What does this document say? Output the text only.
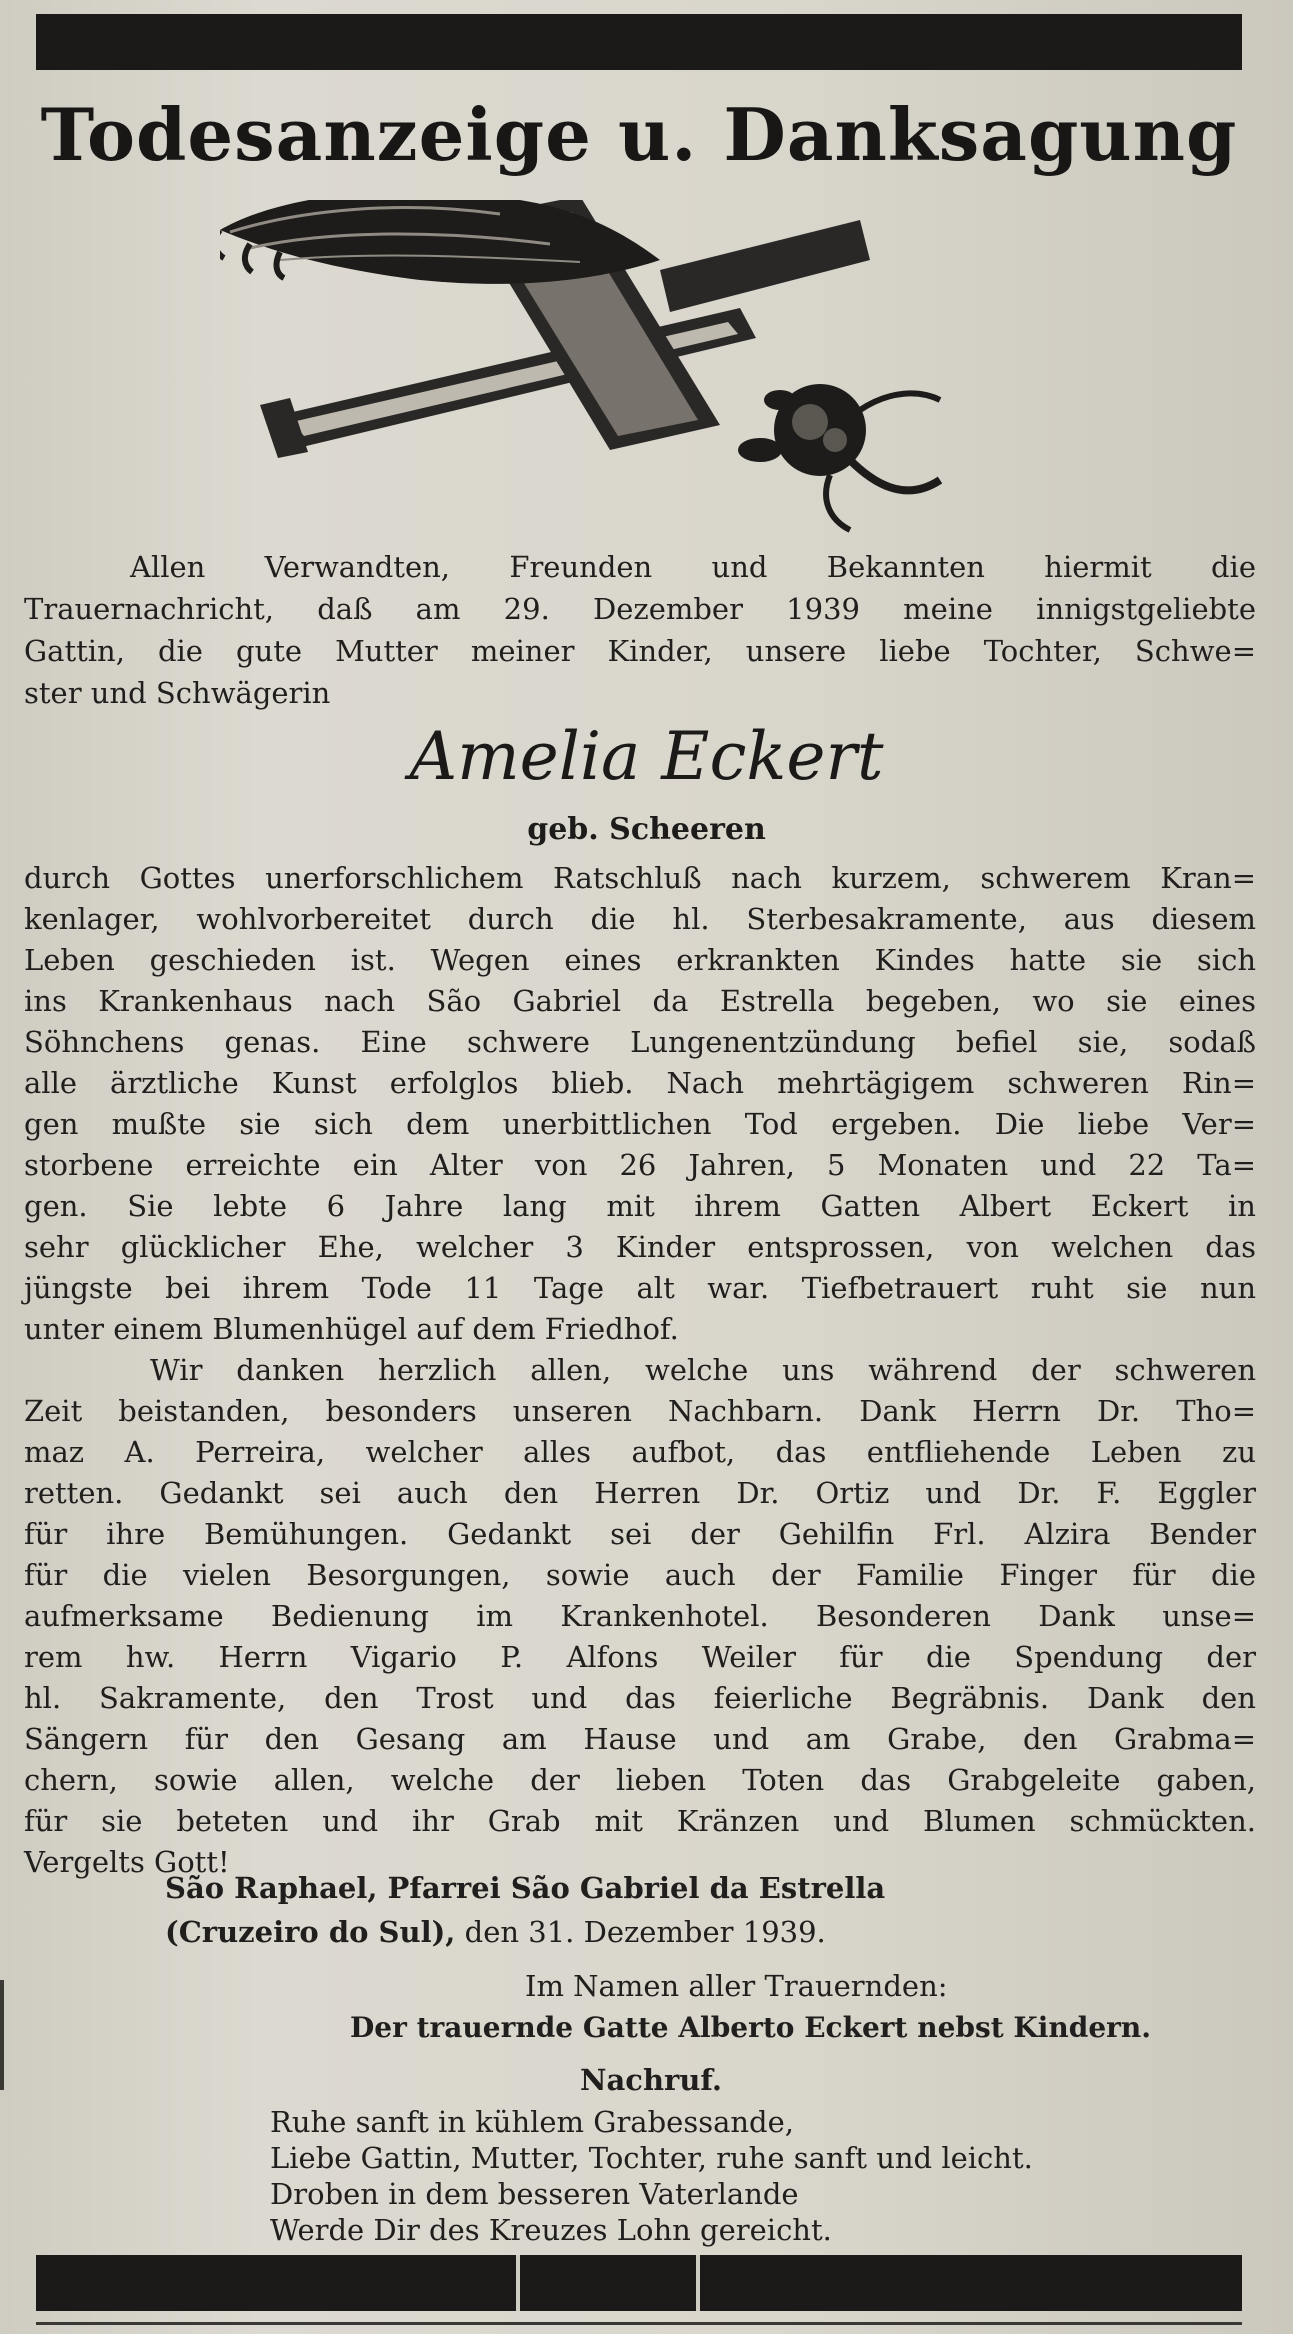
Todesanzeige u. Danksagung
Allen Verwandten, Freunden und Bekannten hiermit die
Trauernachricht, daß am 29. Dezember 1939 meine innigstgeliebte
Gattin, die gute Mutter meiner Kinder, unsere liebe Tochter, Schwe=
ster und Schwägerin
Amelia Eckert
geb. Scheeren
durch Gottes unerforschlichem Ratschluß nach kurzem, schwerem Kran=
kenlager, wohlvorbereitet durch die hl. Sterbesakramente, aus diesem
Leben geschieden ist. Wegen eines erkrankten Kindes hatte sie sich
ins Krankenhaus nach São Gabriel da Estrella begeben, wo sie eines
Söhnchens genas. Eine schwere Lungenentzündung befiel sie, sodaß
alle ärztliche Kunst erfolglos blieb. Nach mehrtägigem schweren Rin=
gen mußte sie sich dem unerbittlichen Tod ergeben. Die liebe Ver=
storbene erreichte ein Alter von 26 Jahren, 5 Monaten und 22 Ta=
gen. Sie lebte 6 Jahre lang mit ihrem Gatten Albert Eckert in
sehr glücklicher Ehe, welcher 3 Kinder entsprossen, von welchen das
jüngste bei ihrem Tode 11 Tage alt war. Tiefbetrauert ruht sie nun
unter einem Blumenhügel auf dem Friedhof.
Wir danken herzlich allen, welche uns während der schweren
Zeit beistanden, besonders unseren Nachbarn. Dank Herrn Dr. Tho=
maz A. Perreira, welcher alles aufbot, das entfliehende Leben zu
retten. Gedankt sei auch den Herren Dr. Ortiz und Dr. F. Eggler
für ihre Bemühungen. Gedankt sei der Gehilfin Frl. Alzira Bender
für die vielen Besorgungen, sowie auch der Familie Finger für die
aufmerksame Bedienung im Krankenhotel. Besonderen Dank unse=
rem hw. Herrn Vigario P. Alfons Weiler für die Spendung der
hl. Sakramente, den Trost und das feierliche Begräbnis. Dank den
Sängern für den Gesang am Hause und am Grabe, den Grabma=
chern, sowie allen, welche der lieben Toten das Grabgeleite gaben,
für sie beteten und ihr Grab mit Kränzen und Blumen schmückten.
Vergelts Gott!
São Raphael, Pfarrei São Gabriel da Estrella
(Cruzeiro do Sul), den 31. Dezember 1939.
Im Namen aller Trauernden:
Der trauernde Gatte Alberto Eckert nebst Kindern.
Nachruf.
Ruhe sanft in kühlem Grabessande,
Liebe Gattin, Mutter, Tochter, ruhe sanft und leicht.
Droben in dem besseren Vaterlande
Werde Dir des Kreuzes Lohn gereicht.
